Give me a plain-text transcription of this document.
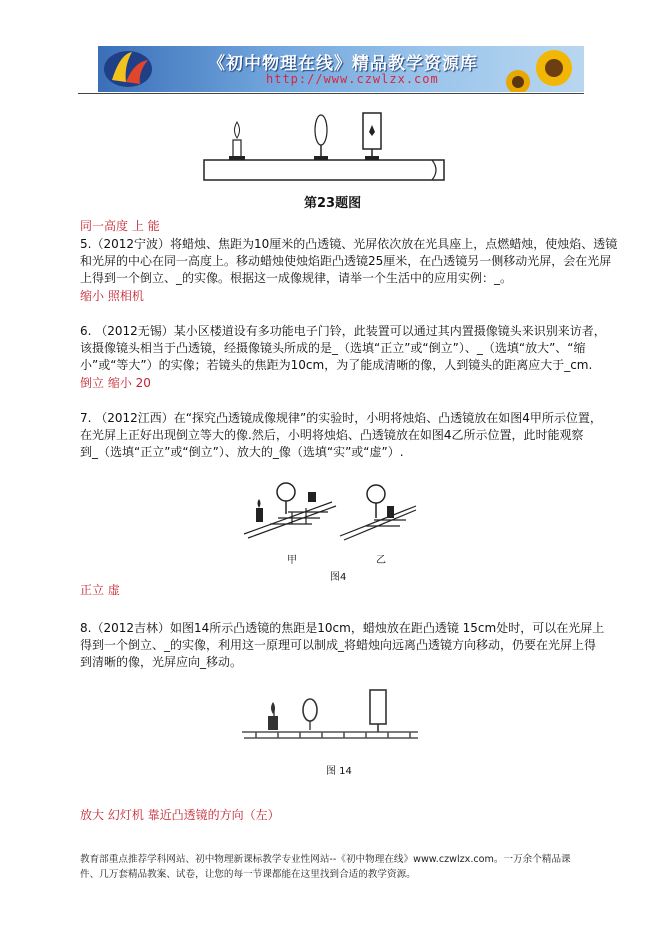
《初中物理在线》精品教学资源库
http://www.czwlzx.com
第23题图
同一高度 上 能
5.（2012宁波）将蜡烛、焦距为10厘米的凸透镜、光屏依次放在光具座上，点燃蜡烛，使烛焰、透镜
和光屏的中心在同一高度上。移动蜡烛使烛焰距凸透镜25厘米，在凸透镜另一侧移动光屏，会在光屏
上得到一个倒立、_的实像。根据这一成像规律，请举一个生活中的应用实例：_。
缩小 照相机
6. （2012无锡）某小区楼道设有多功能电子门铃，此装置可以通过其内置摄像镜头来识别来访者，
该摄像镜头相当于凸透镜，经摄像镜头所成的是_（选填“正立”或“倒立”）、_（选填“放大”、“缩
小”或“等大”）的实像；若镜头的焦距为10cm，为了能成清晰的像，人到镜头的距离应大于_cm.
倒立 缩小 20
7. （2012江西）在“探究凸透镜成像规律”的实验时，小明将烛焰、凸透镜放在如图4甲所示位置，
在光屏上正好出现倒立等大的像.然后，小明将烛焰、凸透镜放在如图4乙所示位置，此时能观察
到_（选填“正立”或“倒立”）、放大的_像（选填“实”或“虚”）.
甲	乙
图4
正立 虚
8.（2012吉林）如图14所示凸透镜的焦距是10cm，蜡烛放在距凸透镜 15cm处时，可以在光屏上
得到一个倒立、_的实像，利用这一原理可以制成_将蜡烛向远离凸透镜方向移动，仍要在光屏上得
到清晰的像，光屏应向_移动。
图 14
放大 幻灯机 靠近凸透镜的方向（左）
教育部重点推荐学科网站、初中物理新课标教学专业性网站--《初中物理在线》www.czwlzx.com。一万余个精品课
件、几万套精品教案、试卷，让您的每一节课都能在这里找到合适的教学资源。
